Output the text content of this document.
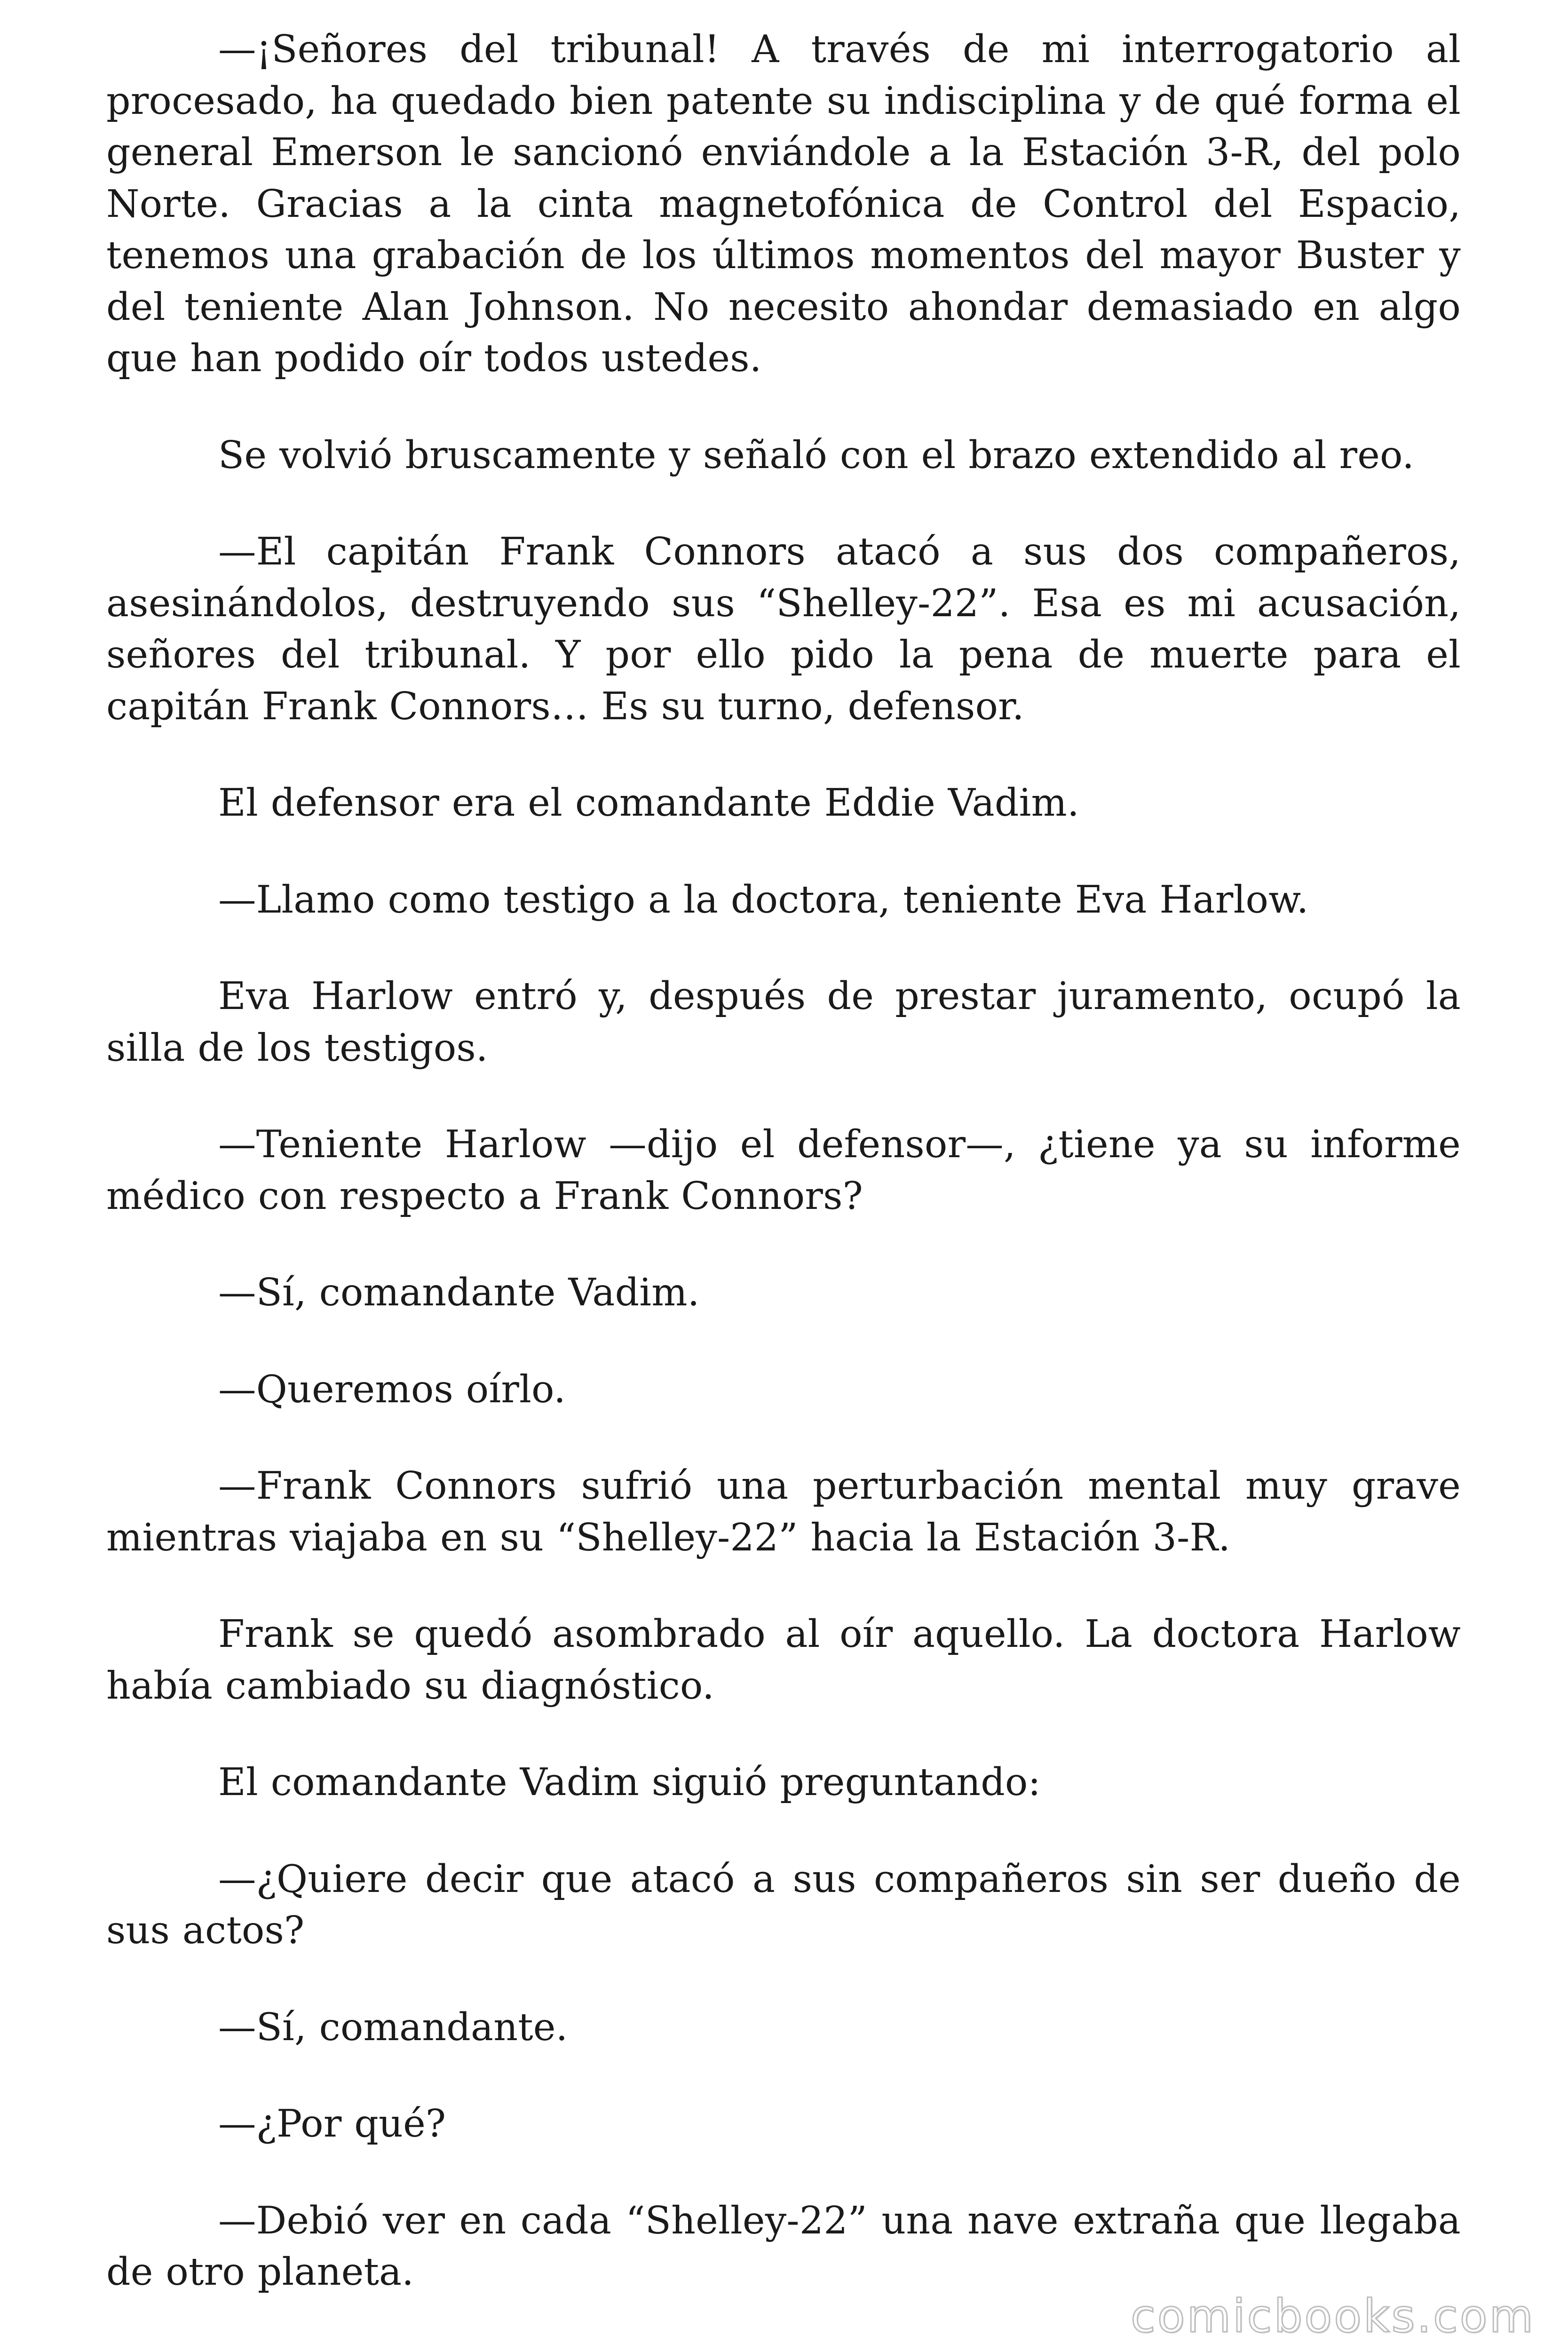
—¡Señores del tribunal! A través de mi interrogatorio al procesado, ha quedado bien patente su indisciplina y de qué forma el general Emerson le sancionó enviándole a la Estación 3-R, del polo Norte. Gracias a la cinta magnetofónica de Control del Espacio, tenemos una grabación de los últimos momentos del mayor Buster y del teniente Alan Johnson. No necesito ahondar demasiado en algo que han podido oír todos ustedes.

Se volvió bruscamente y señaló con el brazo extendido al reo.

—El capitán Frank Connors atacó a sus dos compañeros, asesinándolos, destruyendo sus “Shelley-22”. Esa es mi acusación, señores del tribunal. Y por ello pido la pena de muerte para el capitán Frank Connors… Es su turno, defensor.

El defensor era el comandante Eddie Vadim.

—Llamo como testigo a la doctora, teniente Eva Harlow.

Eva Harlow entró y, después de prestar juramento, ocupó la silla de los testigos.

—Teniente Harlow —dijo el defensor—, ¿tiene ya su informe médico con respecto a Frank Connors?

—Sí, comandante Vadim.

—Queremos oírlo.

—Frank Connors sufrió una perturbación mental muy grave mientras viajaba en su “Shelley-22” hacia la Estación 3-R.

Frank se quedó asombrado al oír aquello. La doctora Harlow había cambiado su diagnóstico.

El comandante Vadim siguió preguntando:

—¿Quiere decir que atacó a sus compañeros sin ser dueño de sus actos?

—Sí, comandante.

—¿Por qué?

—Debió ver en cada “Shelley-22” una nave extraña que llegaba de otro planeta.

comicbooks.com
